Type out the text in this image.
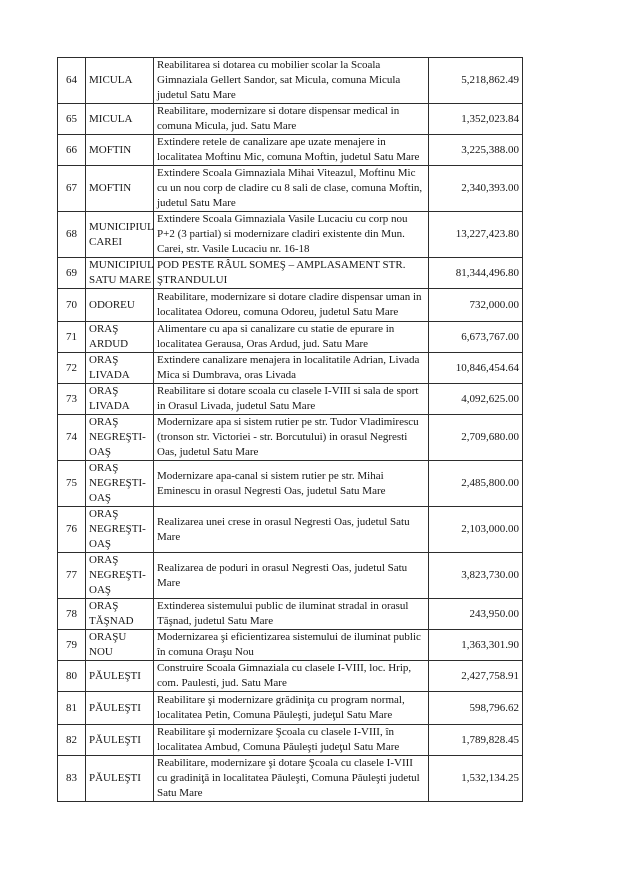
64	MICULA	Reabilitarea si dotarea cu mobilier scolar la Scoala Gimnaziala Gellert Sandor, sat Micula, comuna Micula judetul Satu Mare	5,218,862.49
65	MICULA	Reabilitare, modernizare si dotare dispensar medical in comuna Micula, jud. Satu Mare	1,352,023.84
66	MOFTIN	Extindere retele de canalizare ape uzate menajere in localitatea Moftinu Mic, comuna Moftin, judetul Satu Mare	3,225,388.00
67	MOFTIN	Extindere Scoala Gimnaziala Mihai Viteazul, Moftinu Mic cu un nou corp de cladire cu 8 sali de clase, comuna Moftin, judetul Satu Mare	2,340,393.00
68	MUNICIPIUL CAREI	Extindere Scoala Gimnaziala Vasile Lucaciu cu corp nou P+2 (3 partial) si modernizare cladiri existente din Mun. Carei, str. Vasile Lucaciu nr. 16-18	13,227,423.80
69	MUNICIPIUL SATU MARE	POD PESTE RÂUL SOMEŞ – AMPLASAMENT STR. ŞTRANDULUI	81,344,496.80
70	ODOREU	Reabilitare, modernizare si dotare cladire dispensar uman in localitatea Odoreu, comuna Odoreu, judetul Satu Mare	732,000.00
71	ORAŞ ARDUD	Alimentare cu apa si canalizare cu statie de epurare in localitatea Gerausa, Oras Ardud, jud. Satu Mare	6,673,767.00
72	ORAŞ LIVADA	Extindere canalizare menajera in localitatile Adrian, Livada Mica si Dumbrava, oras Livada	10,846,454.64
73	ORAŞ LIVADA	Reabilitare si dotare scoala cu clasele I-VIII si sala de sport in Orasul Livada, judetul Satu Mare	4,092,625.00
74	ORAŞ NEGREŞTI-OAŞ	Modernizare apa si sistem rutier pe str. Tudor Vladimirescu (tronson str. Victoriei - str. Borcutului) in orasul Negresti Oas, judetul Satu Mare	2,709,680.00
75	ORAŞ NEGREŞTI-OAŞ	Modernizare apa-canal si sistem rutier pe str. Mihai Eminescu in orasul Negresti Oas, judetul Satu Mare	2,485,800.00
76	ORAŞ NEGREŞTI-OAŞ	Realizarea unei crese in orasul Negresti Oas, judetul Satu Mare	2,103,000.00
77	ORAŞ NEGREŞTI-OAŞ	Realizarea de poduri in orasul Negresti Oas, judetul Satu Mare	3,823,730.00
78	ORAŞ TĂŞNAD	Extinderea sistemului public de iluminat stradal in orasul Tăşnad, judetul Satu Mare	243,950.00
79	ORAŞU NOU	Modernizarea şi eficientizarea sistemului de iluminat public în comuna Oraşu Nou	1,363,301.90
80	PĂULEŞTI	Construire Scoala Gimnaziala cu clasele I-VIII, loc. Hrip, com. Paulesti, jud. Satu Mare	2,427,758.91
81	PĂULEŞTI	Reabilitare şi modernizare grădiniţa cu program normal, localitatea Petin, Comuna Păuleşti, judeţul Satu Mare	598,796.62
82	PĂULEŞTI	Reabilitare şi modernizare Şcoala cu clasele I-VIII, în localitatea Ambud, Comuna Păuleşti judeţul Satu Mare	1,789,828.45
83	PĂULEŞTI	Reabilitare, modernizare şi dotare Şcoala cu clasele I-VIII cu gradiniţă in localitatea Păuleşti, Comuna Păuleşti judetul Satu Mare	1,532,134.25
